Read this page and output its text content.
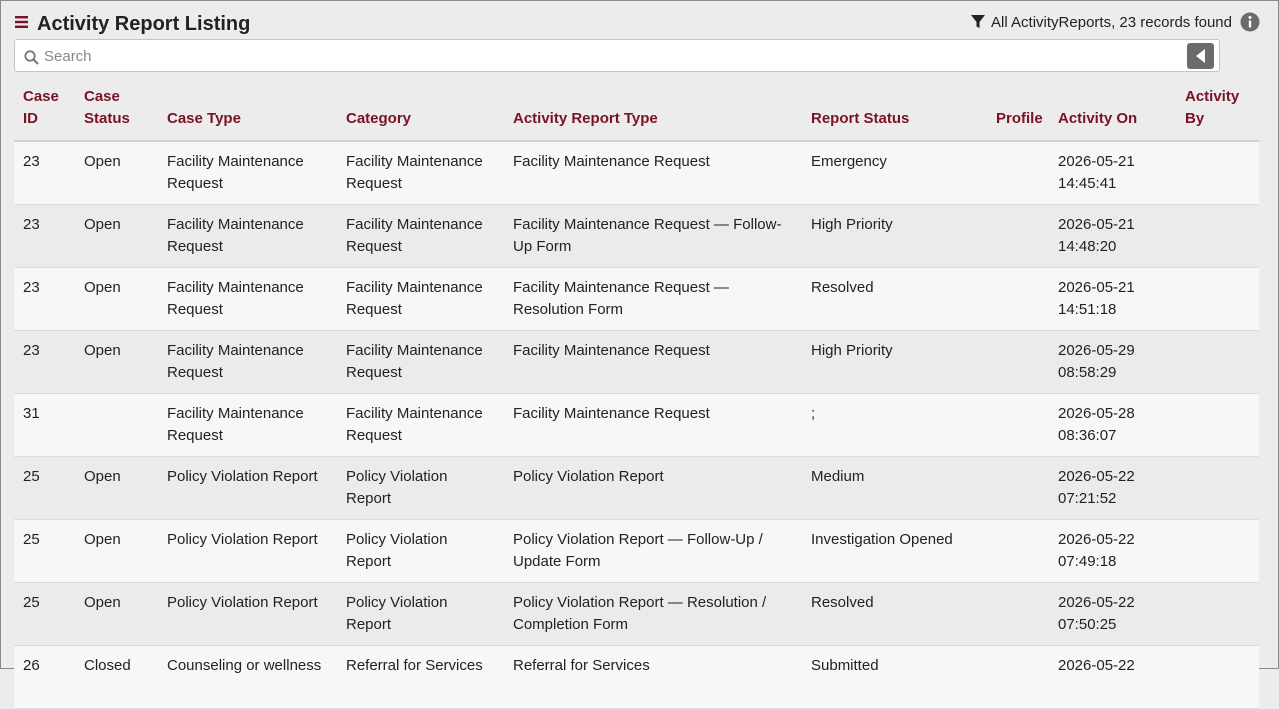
Activity Report Listing	All ActivityReports, 23 records found
Search
Case ID	Case Status	Case Type	Category	Activity Report Type	Report Status	Profile	Activity On	Activity By
23	Open	Facility Maintenance Request	Facility Maintenance Request	Facility Maintenance Request	Emergency		2026-05-21 14:45:41	
23	Open	Facility Maintenance Request	Facility Maintenance Request	Facility Maintenance Request — Follow-Up Form	High Priority		2026-05-21 14:48:20	
23	Open	Facility Maintenance Request	Facility Maintenance Request	Facility Maintenance Request — Resolution Form	Resolved		2026-05-21 14:51:18	
23	Open	Facility Maintenance Request	Facility Maintenance Request	Facility Maintenance Request	High Priority		2026-05-29 08:58:29	
31		Facility Maintenance Request	Facility Maintenance Request	Facility Maintenance Request	;		2026-05-28 08:36:07	
25	Open	Policy Violation Report	Policy Violation Report	Policy Violation Report	Medium		2026-05-22 07:21:52	
25	Open	Policy Violation Report	Policy Violation Report	Policy Violation Report — Follow-Up / Update Form	Investigation Opened		2026-05-22 07:49:18	
25	Open	Policy Violation Report	Policy Violation Report	Policy Violation Report — Resolution / Completion Form	Resolved		2026-05-22 07:50:25	
26	Closed	Counseling or wellness	Referral for Services	Referral for Services	Submitted		2026-05-22	
